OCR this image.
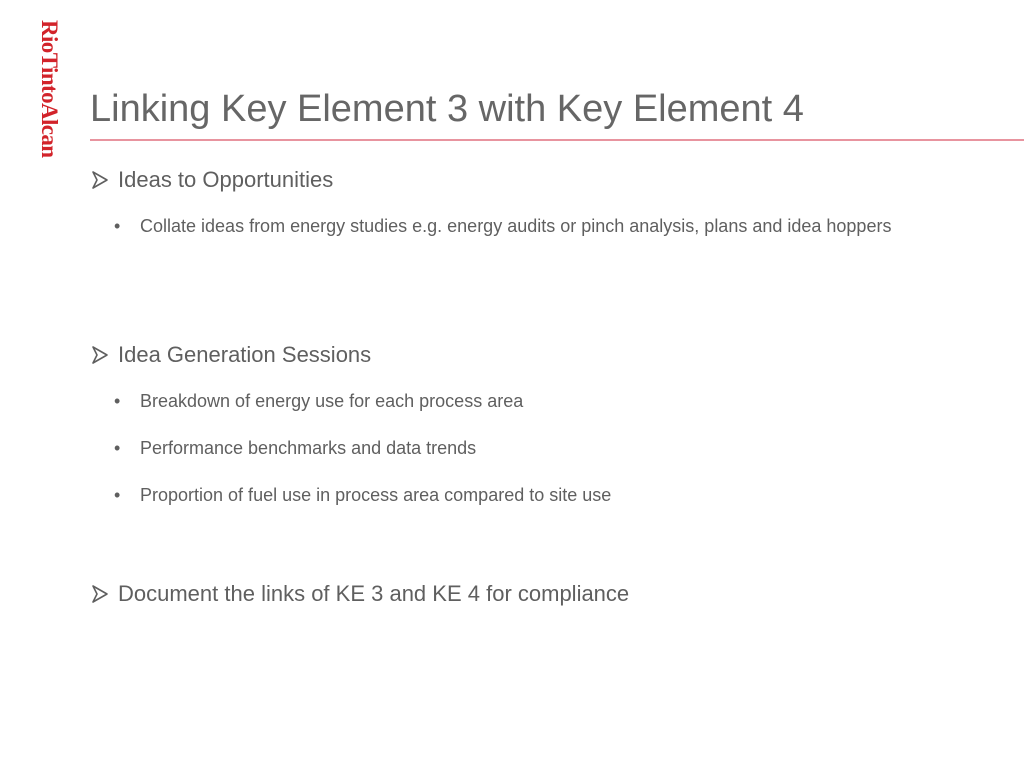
RioTintoAlcan Linking Key Element 3 with Key Element 4
Ideas to Opportunities
• Collate ideas from energy studies e.g. energy audits or pinch analysis, plans and idea hoppers
Idea Generation Sessions
• Breakdown of energy use for each process area
• Performance benchmarks and data trends
• Proportion of fuel use in process area compared to site use
Document the links of KE 3 and KE 4 for compliance
